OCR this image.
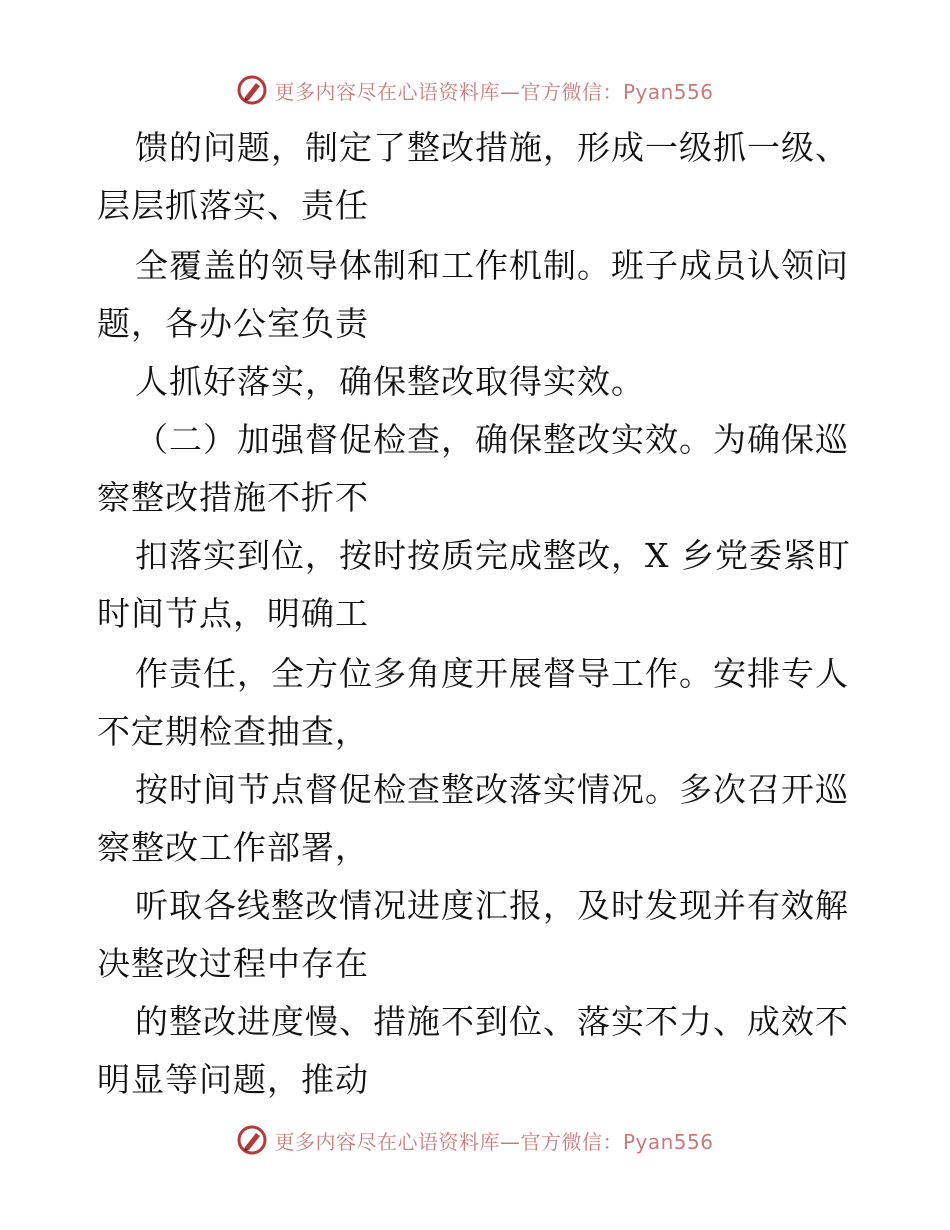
更多内容尽在心语资料库—官方微信：Pyan556
馈的问题，制定了整改措施，形成一级抓一级、
层层抓落实、责任
全覆盖的领导体制和工作机制。班子成员认领问
题，各办公室负责
人抓好落实，确保整改取得实效。
（二）加强督促检查，确保整改实效。为确保巡
察整改措施不折不
扣落实到位，按时按质完成整改，X 乡党委紧盯
时间节点，明确工
作责任，全方位多角度开展督导工作。安排专人
不定期检查抽查，
按时间节点督促检查整改落实情况。多次召开巡
察整改工作部署，
听取各线整改情况进度汇报，及时发现并有效解
决整改过程中存在
的整改进度慢、措施不到位、落实不力、成效不
明显等问题，推动
更多内容尽在心语资料库—官方微信：Pyan556
